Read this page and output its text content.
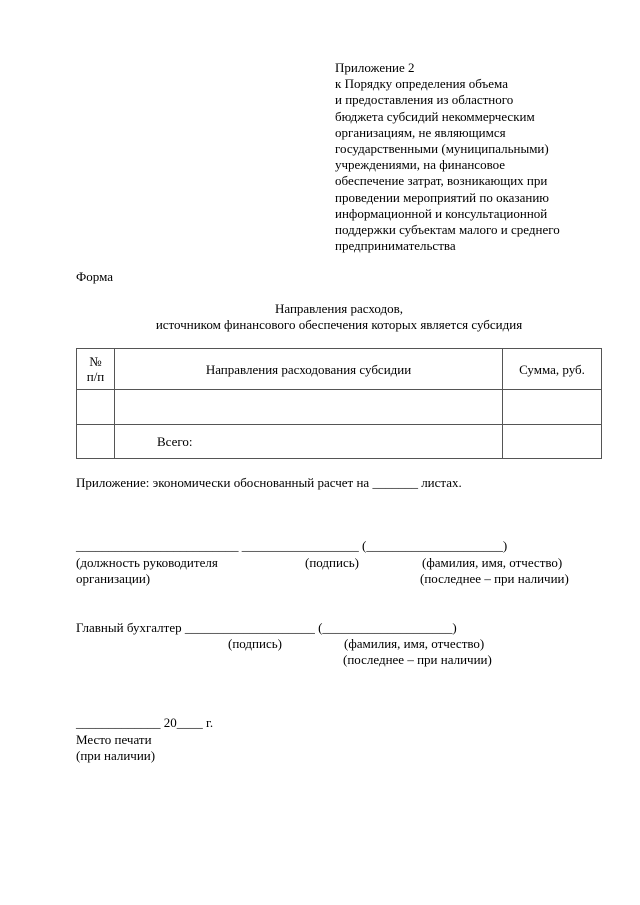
Приложение 2
к Порядку определения объема
и предоставления из областного
бюджета субсидий некоммерческим
организациям, не являющимся
государственными (муниципальными)
учреждениями, на финансовое
обеспечение затрат, возникающих при
проведении мероприятий по оказанию
информационной и консультационной
поддержки субъектам малого и среднего
предпринимательства
Форма
Направления расходов,
источником финансового обеспечения которых является субсидия
№
п/п	Направления расходования субсидии	Сумма, руб.

	Всего:	
Приложение: экономически обоснованный расчет на _______ листах.
_________________________ __________________ (_____________________)
(должность руководителя
организации)
(подпись)	(фамилия, имя, отчество)
(последнее – при наличии)
Главный бухгалтер ____________________ (____________________)
(подпись)	(фамилия, имя, отчество)
(последнее – при наличии)
_____________ 20____ г.
Место печати
(при наличии)
